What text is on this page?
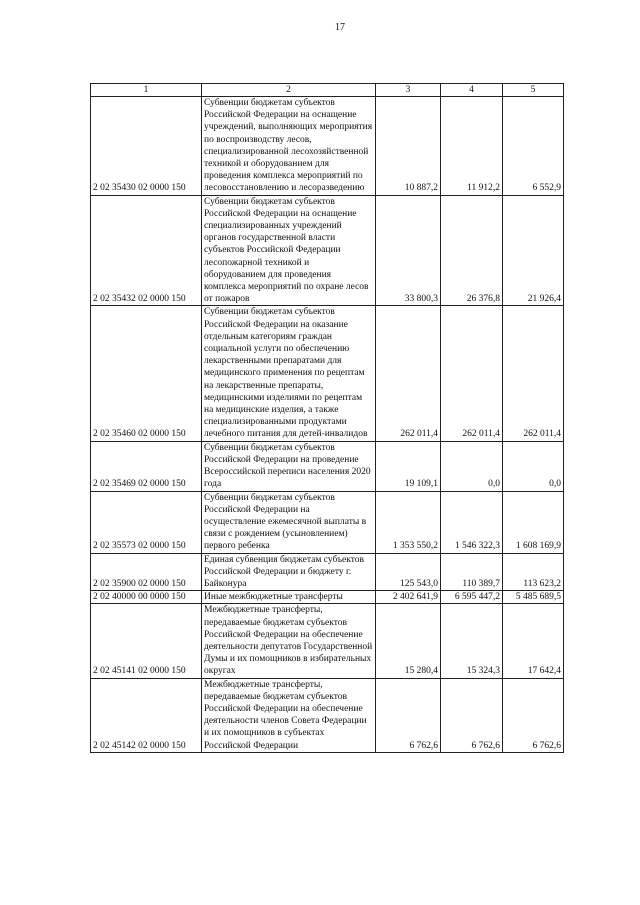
17
1	2	3	4	5
2 02 35430 02 0000 150	Субвенции бюджетам субъектов Российской Федерации на оснащение учреждений, выполняющих мероприятия по воспроизводству лесов, специализированной лесохозяйственной техникой и оборудованием для проведения комплекса мероприятий по лесовосстановлению и лесоразведению	10 887,2	11 912,2	6 552,9
2 02 35432 02 0000 150	Субвенции бюджетам субъектов Российской Федерации на оснащение специализированных учреждений органов государственной власти субъектов Российской Федерации лесопожарной техникой и оборудованием для проведения комплекса мероприятий по охране лесов от пожаров	33 800,3	26 376,8	21 926,4
2 02 35460 02 0000 150	Субвенции бюджетам субъектов Российской Федерации на оказание отдельным категориям граждан социальной услуги по обеспечению лекарственными препаратами для медицинского применения по рецептам на лекарственные препараты, медицинскими изделиями по рецептам на медицинские изделия, а также специализированными продуктами лечебного питания для детей-инвалидов	262 011,4	262 011,4	262 011,4
2 02 35469 02 0000 150	Субвенции бюджетам субъектов Российской Федерации на проведение Всероссийской переписи населения 2020 года	19 109,1	0,0	0,0
2 02 35573 02 0000 150	Субвенции бюджетам субъектов Российской Федерации на осуществление ежемесячной выплаты в связи с рождением (усыновлением) первого ребенка	1 353 550,2	1 546 322,3	1 608 169,9
2 02 35900 02 0000 150	Единая субвенция бюджетам субъектов Российской Федерации и бюджету г. Байконура	125 543,0	110 389,7	113 623,2
2 02 40000 00 0000 150	Иные межбюджетные трансферты	2 402 641,9	6 595 447,2	5 485 689,5
2 02 45141 02 0000 150	Межбюджетные трансферты, передаваемые бюджетам субъектов Российской Федерации на обеспечение деятельности депутатов Государственной Думы и их помощников в избирательных округах	15 280,4	15 324,3	17 642,4
2 02 45142 02 0000 150	Межбюджетные трансферты, передаваемые бюджетам субъектов Российской Федерации на обеспечение деятельности членов Совета Федерации и их помощников в субъектах Российской Федерации	6 762,6	6 762,6	6 762,6
